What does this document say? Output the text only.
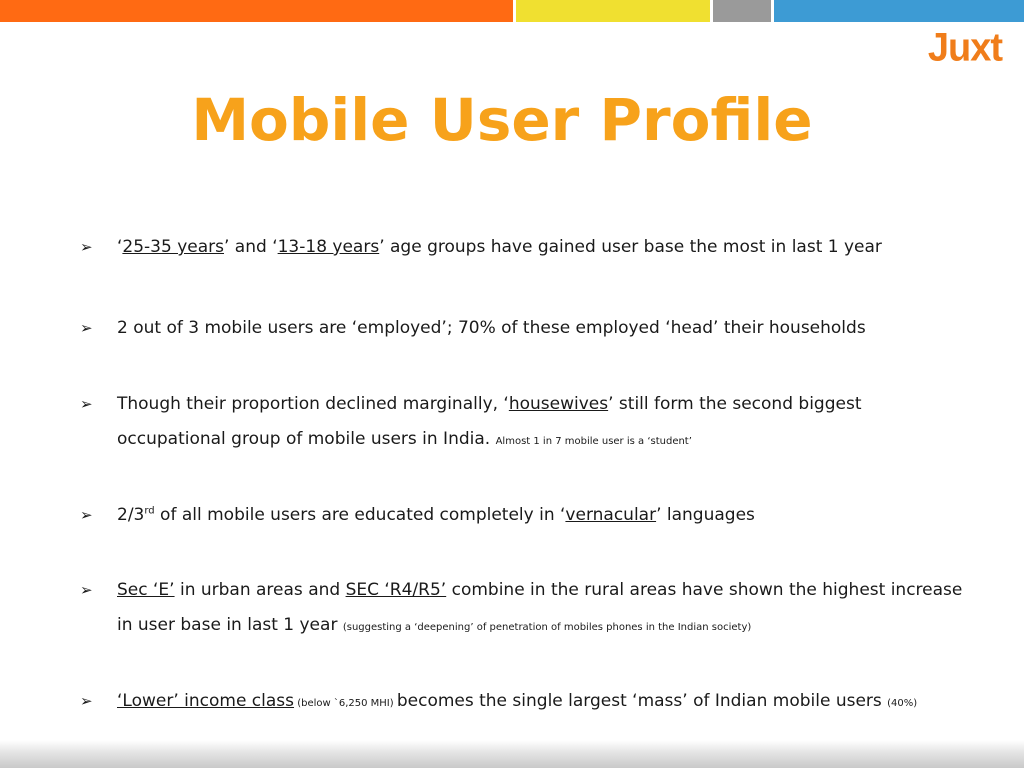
Juxt
Mobile User Profile
➢	‘25-35 years’ and ‘13-18 years’ age groups have gained user base the most in last 1 year
➢	2 out of 3 mobile users are ‘employed’; 70% of these employed ‘head’ their households
➢	Though their proportion declined marginally, ‘housewives’ still form the second biggest occupational group of mobile users in India. Almost 1 in 7 mobile user is a ‘student’
➢	2/3rd of all mobile users are educated completely in ‘vernacular’ languages
➢	Sec ‘E’ in urban areas and SEC ‘R4/R5’ combine in the rural areas have shown the highest increase in user base in last 1 year (suggesting a ‘deepening’ of penetration of mobiles phones in the Indian society)
➢	‘Lower’ income class (below `6,250 MHI) becomes the single largest ‘mass’ of Indian mobile users (40%)
